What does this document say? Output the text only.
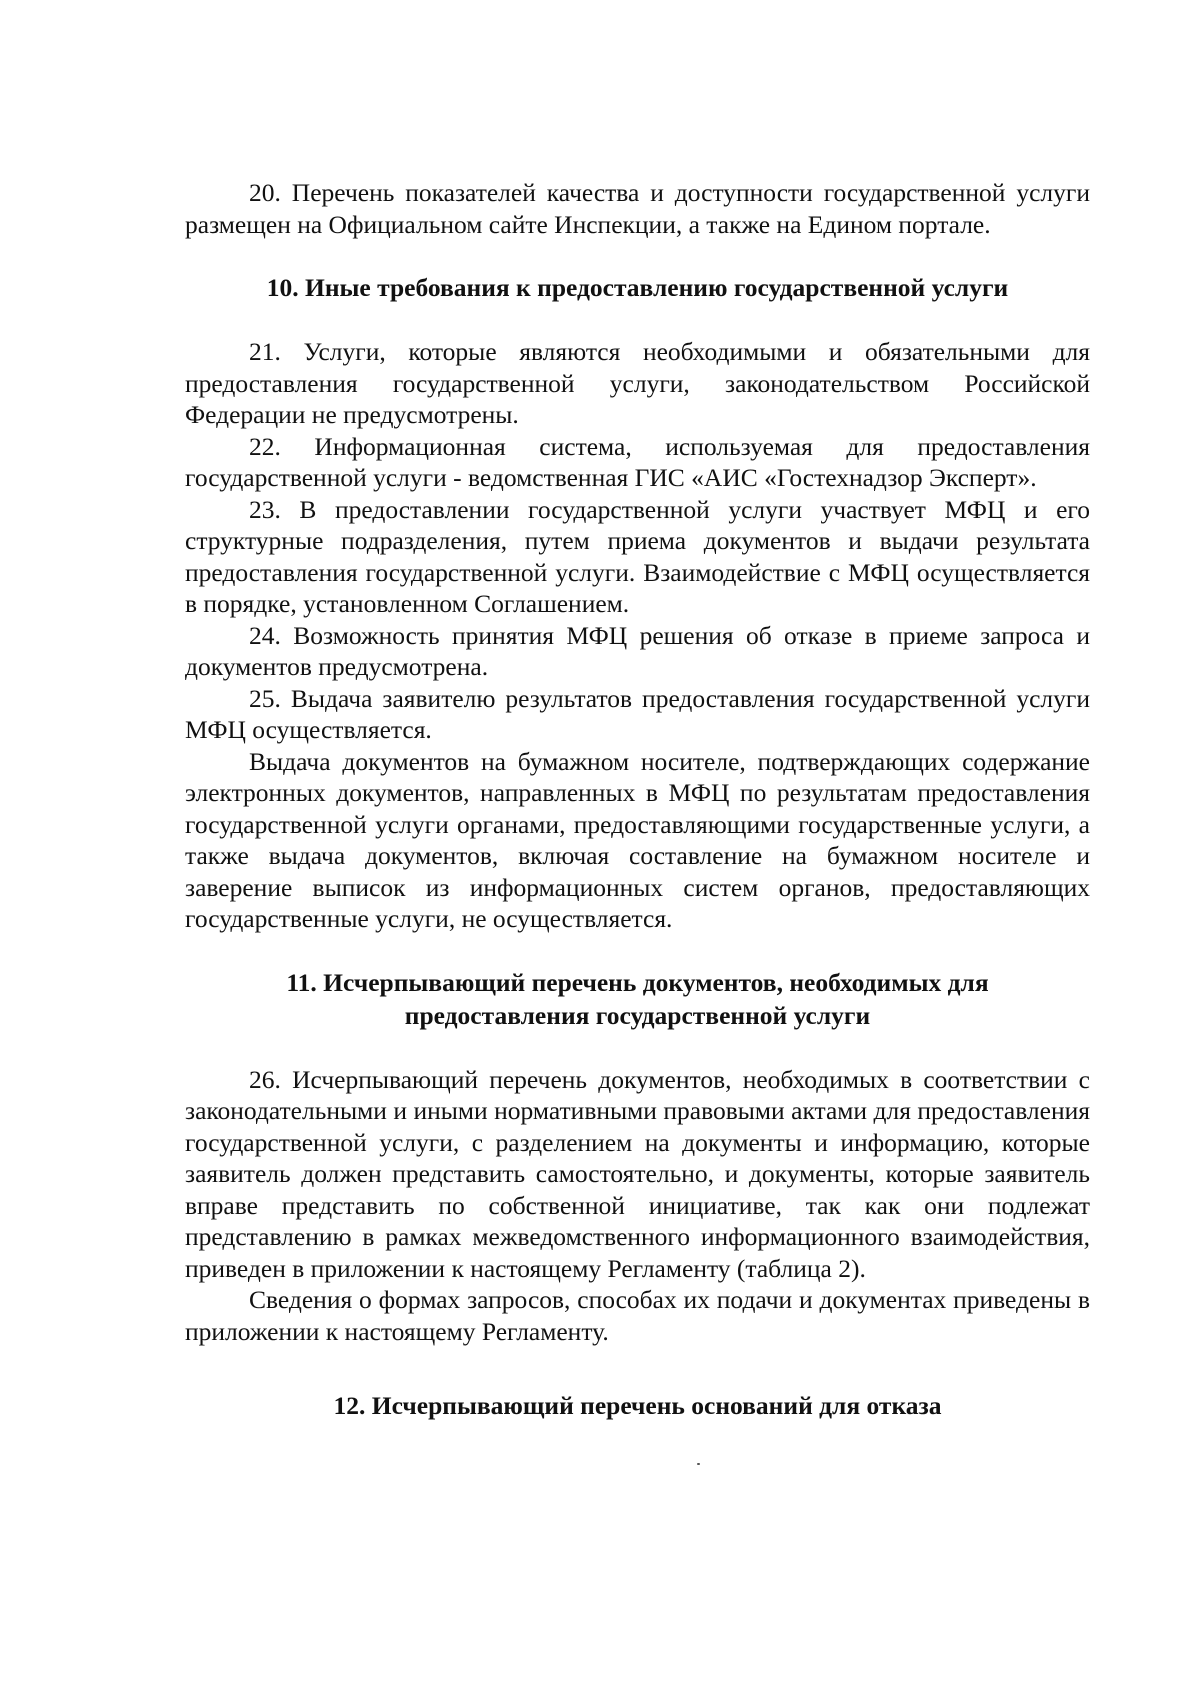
20. Перечень показателей качества и доступности государственной услуги размещен на Официальном сайте Инспекции, а также на Едином портале.

10. Иные требования к предоставлению государственной услуги

21. Услуги, которые являются необходимыми и обязательными для предоставления государственной услуги, законодательством Российской Федерации не предусмотрены.

22. Информационная система, используемая для предоставления государственной услуги - ведомственная ГИС «АИС «Гостехнадзор Эксперт».

23. В предоставлении государственной услуги участвует МФЦ и его структурные подразделения, путем приема документов и выдачи результата предоставления государственной услуги. Взаимодействие с МФЦ осуществляется в порядке, установленном Соглашением.

24. Возможность принятия МФЦ решения об отказе в приеме запроса и документов предусмотрена.

25. Выдача заявителю результатов предоставления государственной услуги МФЦ осуществляется.

Выдача документов на бумажном носителе, подтверждающих содержание электронных документов, направленных в МФЦ по результатам предоставления государственной услуги органами, предоставляющими государственные услуги, а также выдача документов, включая составление на бумажном носителе и заверение выписок из информационных систем органов, предоставляющих государственные услуги, не осуществляется.

11. Исчерпывающий перечень документов, необходимых для предоставления государственной услуги

26. Исчерпывающий перечень документов, необходимых в соответствии с законодательными и иными нормативными правовыми актами для предоставления государственной услуги, с разделением на документы и информацию, которые заявитель должен представить самостоятельно, и документы, которые заявитель вправе представить по собственной инициативе, так как они подлежат представлению в рамках межведомственного информационного взаимодействия, приведен в приложении к настоящему Регламенту (таблица 2).

Сведения о формах запросов, способах их подачи и документах приведены в приложении к настоящему Регламенту.

12. Исчерпывающий перечень оснований для отказа
